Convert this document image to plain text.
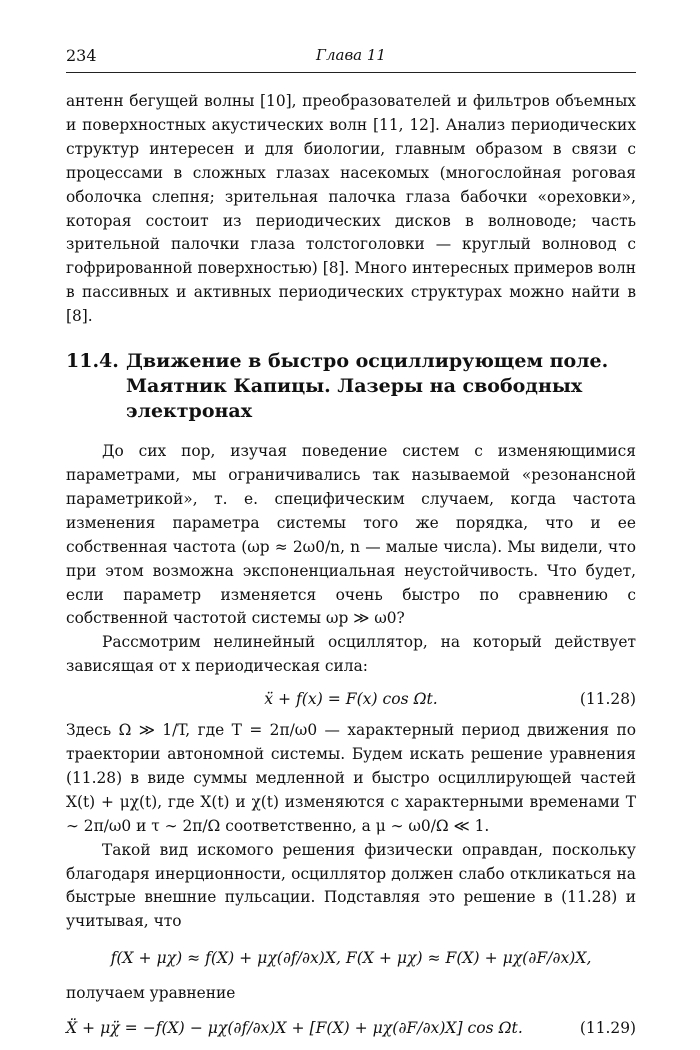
234	Глава 11

антенн бегущей волны [10], преобразователей и фильтров объемных и поверхностных акустических волн [11, 12]. Анализ периодических структур интересен и для биологии, главным образом в связи с процессами в сложных глазах насекомых (многослойная роговая оболочка слепня; зрительная палочка глаза бабочки «ореховки», которая состоит из периодических дисков в волноводе; часть зрительной палочки глаза толстоголовки — круглый волновод с гофрированной поверхностью) [8]. Много интересных примеров волн в пассивных и активных периодических структурах можно найти в [8].

11.4. Движение в быстро осциллирующем поле. Маятник Капицы. Лазеры на свободных электронах

До сих пор, изучая поведение систем с изменяющимися параметрами, мы ограничивались так называемой «резонансной параметрикой», т. е. специфическим случаем, когда частота изменения параметра системы того же порядка, что и ее собственная частота (ωp ≈ 2ω0/n, n — малые числа). Мы видели, что при этом возможна экспоненциальная неустойчивость. Что будет, если параметр изменяется очень быстро по сравнению с собственной частотой системы ωp ≫ ω0?

Рассмотрим нелинейный осциллятор, на который действует зависящая от x периодическая сила:

ẍ + f(x) = F(x) cos Ωt.	(11.28)

Здесь Ω ≫ 1/T, где T = 2π/ω0 — характерный период движения по траектории автономной системы. Будем искать решение уравнения (11.28) в виде суммы медленной и быстро осциллирующей частей X(t) + μχ(t), где X(t) и χ(t) изменяются с характерными временами T ∼ 2π/ω0 и τ ∼ 2π/Ω соответственно, а μ ∼ ω0/Ω ≪ 1.

Такой вид искомого решения физически оправдан, поскольку благодаря инерционности, осциллятор должен слабо откликаться на быстрые внешние пульсации. Подставляя это решение в (11.28) и учитывая, что

f(X + μχ) ≈ f(X) + μχ(∂f/∂x)X, F(X + μχ) ≈ F(X) + μχ(∂F/∂x)X,

получаем уравнение

Ẍ + μχ̈ = −f(X) − μχ(∂f/∂x)X + [F(X) + μχ(∂F/∂x)X] cos Ωt.	(11.29)
